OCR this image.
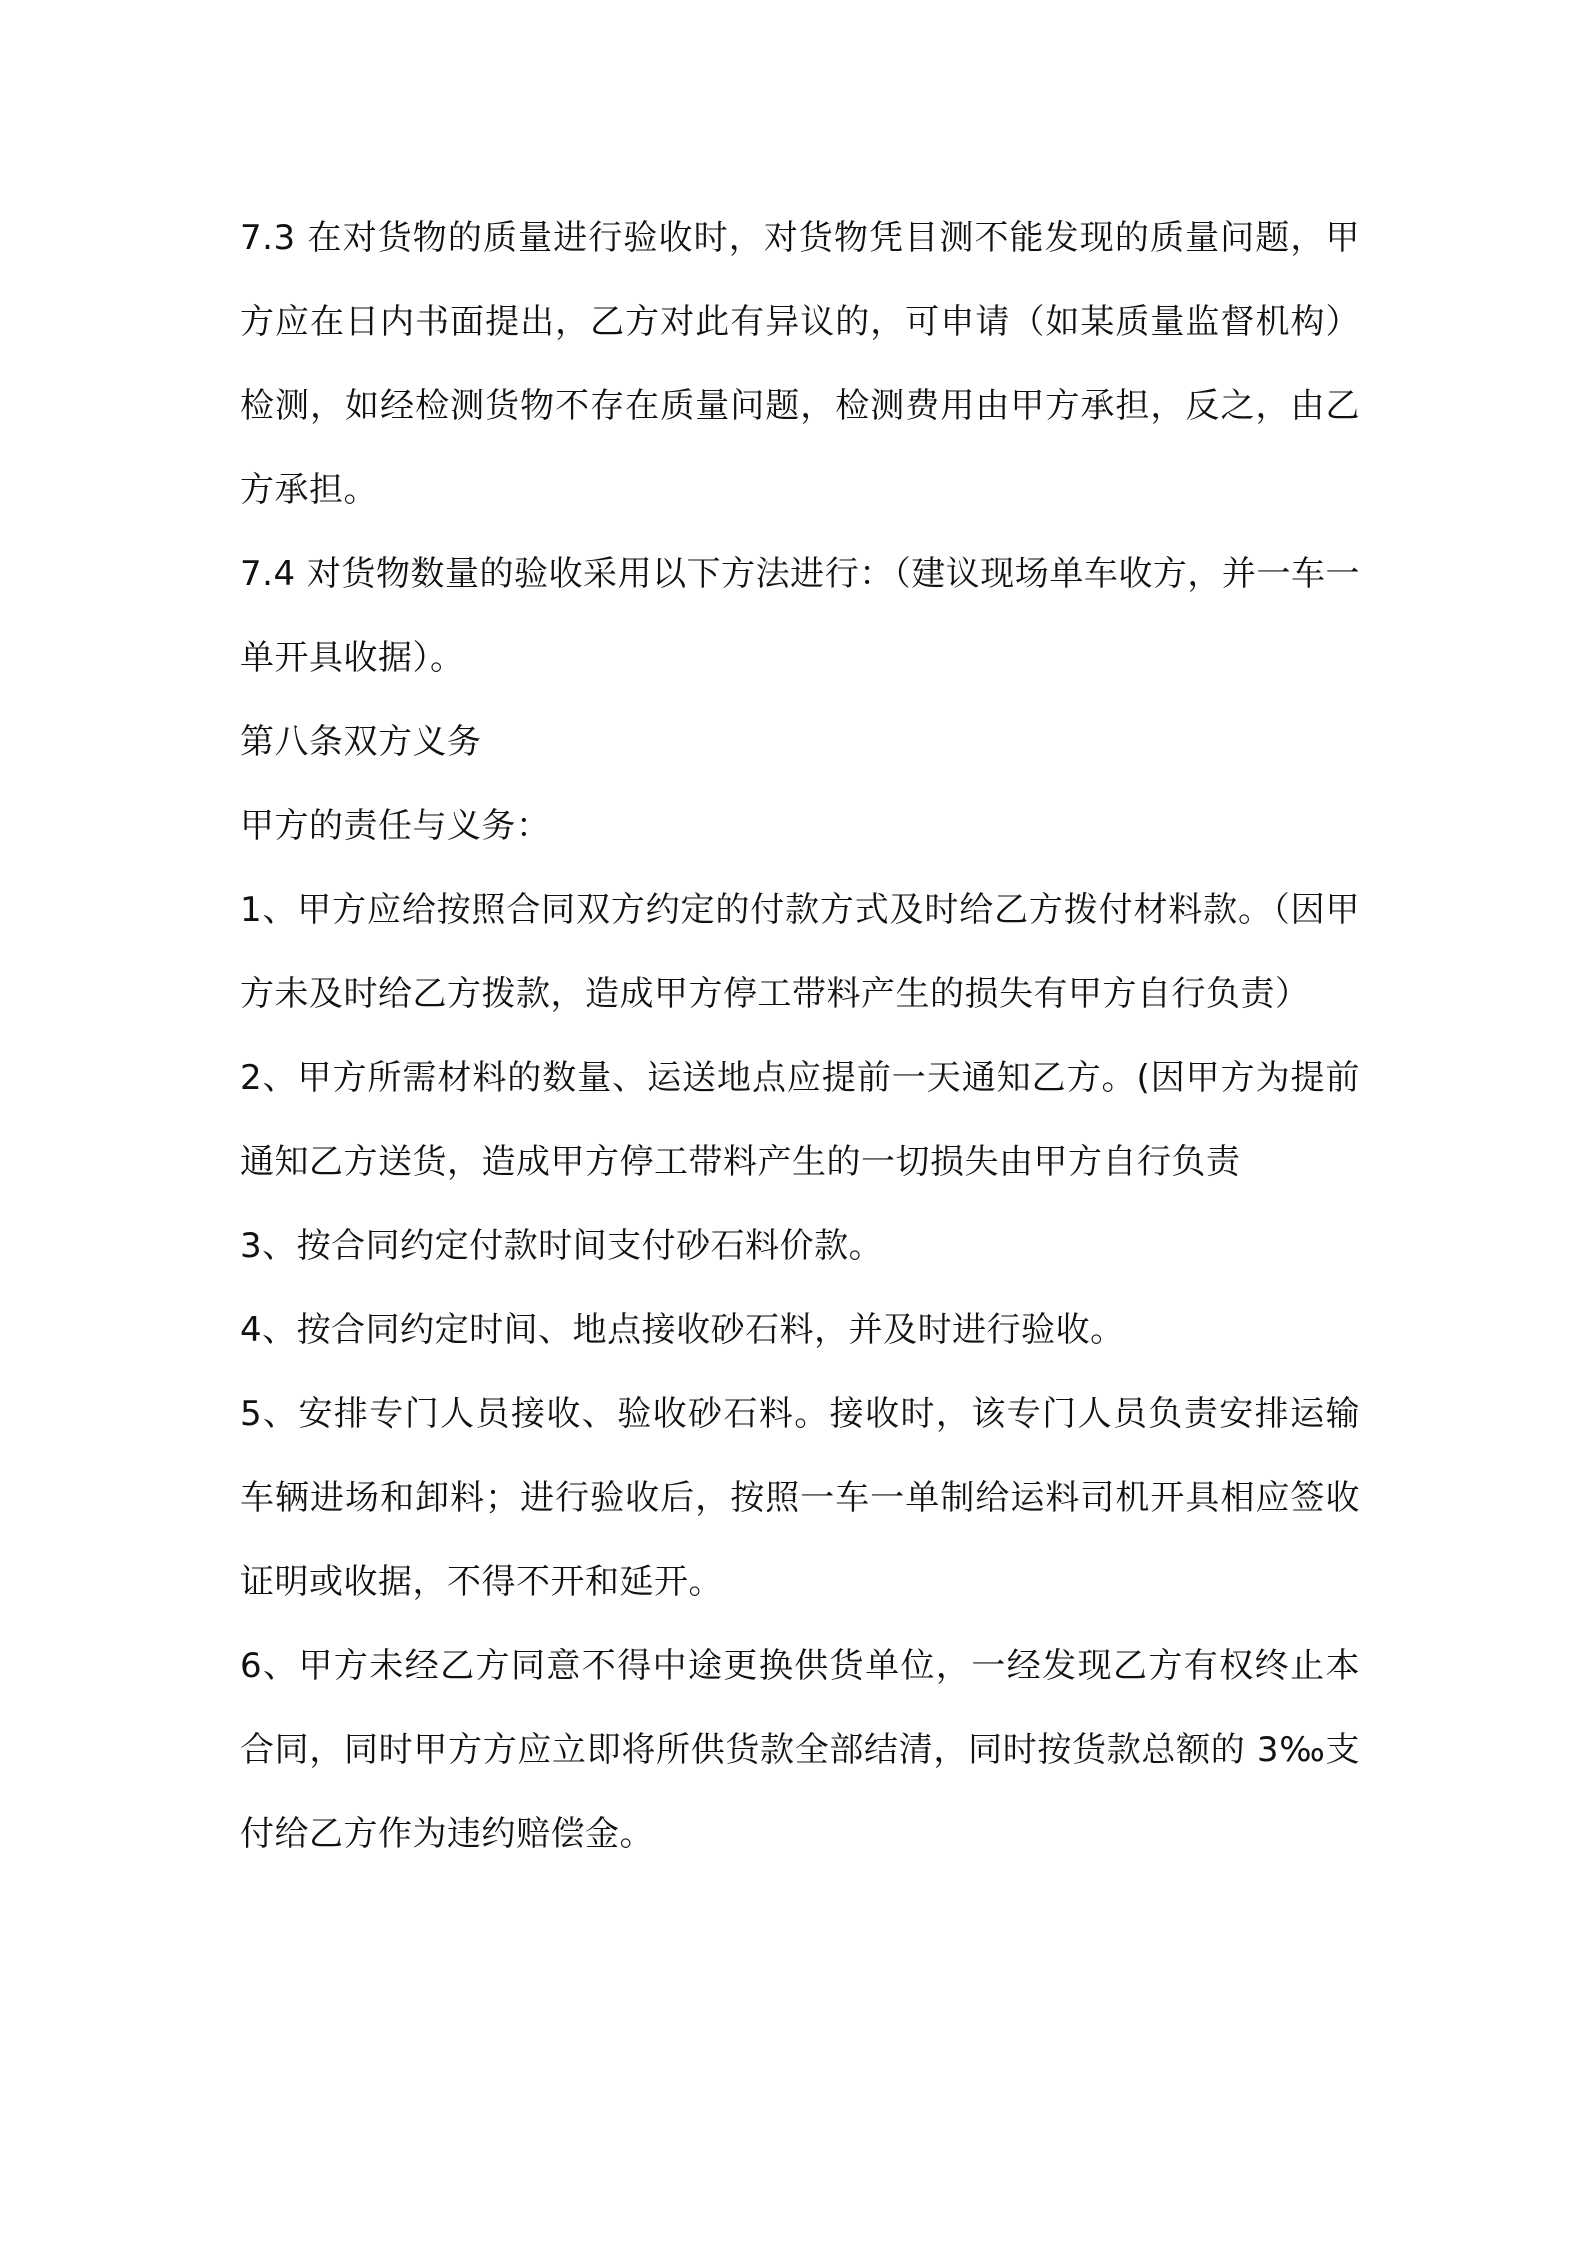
7.3 在对货物的质量进行验收时，对货物凭目测不能发现的质量问题，甲方应在日内书面提出，乙方对此有异议的，可申请（如某质量监督机构）检测，如经检测货物不存在质量问题，检测费用由甲方承担，反之，由乙方承担。

7.4 对货物数量的验收采用以下方法进行：（建议现场单车收方，并一车一单开具收据）。

第八条双方义务

甲方的责任与义务：

1、甲方应给按照合同双方约定的付款方式及时给乙方拨付材料款。（因甲方未及时给乙方拨款，造成甲方停工带料产生的损失有甲方自行负责）

2、甲方所需材料的数量、运送地点应提前一天通知乙方。(因甲方为提前通知乙方送货，造成甲方停工带料产生的一切损失由甲方自行负责

3、按合同约定付款时间支付砂石料价款。

4、按合同约定时间、地点接收砂石料，并及时进行验收。

5、安排专门人员接收、验收砂石料。接收时，该专门人员负责安排运输车辆进场和卸料；进行验收后，按照一车一单制给运料司机开具相应签收证明或收据，不得不开和延开。

6、甲方未经乙方同意不得中途更换供货单位，一经发现乙方有权终止本合同，同时甲方方应立即将所供货款全部结清，同时按货款总额的 3‰支付给乙方作为违约赔偿金。
